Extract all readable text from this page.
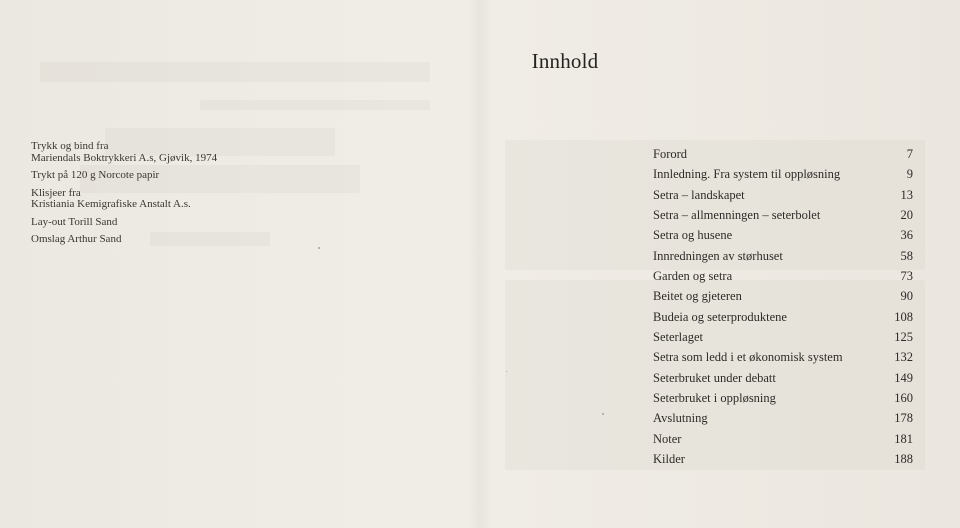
Trykk og bind fra
Mariendals Boktrykkeri A.s, Gjøvik, 1974
Trykt på 120 g Norcote papir
Klisjeer fra
Kristiania Kemigrafiske Anstalt A.s.
Lay-out Torill Sand
Omslag Arthur Sand
Innhold
Forord	7
Innledning. Fra system til oppløsning	9
Setra – landskapet	13
Setra – allmenningen – seterbolet	20
Setra og husene	36
Innredningen av størhuset	58
Garden og setra	73
Beitet og gjeteren	90
Budeia og seterproduktene	108
Seterlaget	125
Setra som ledd i et økonomisk system	132
Seterbruket under debatt	149
Seterbruket i oppløsning	160
Avslutning	178
Noter	181
Kilder	188
